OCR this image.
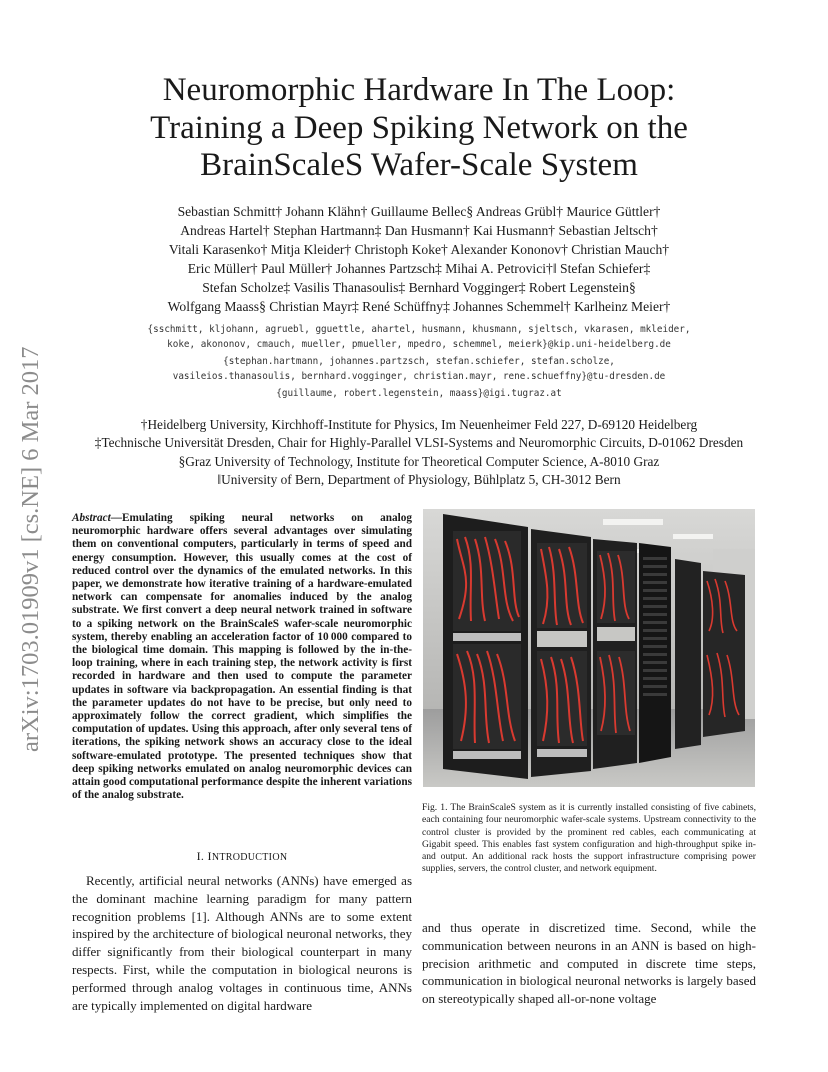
arXiv:1703.01909v1 [cs.NE] 6 Mar 2017
Neuromorphic Hardware In The Loop:
Training a Deep Spiking Network on the
BrainScaleS Wafer-Scale System
Sebastian Schmitt† Johann Klähn† Guillaume Bellec§ Andreas Grübl† Maurice Güttler†
Andreas Hartel† Stephan Hartmann‡ Dan Husmann† Kai Husmann† Sebastian Jeltsch†
Vitali Karasenko† Mitja Kleider† Christoph Koke† Alexander Kononov† Christian Mauch†
Eric Müller† Paul Müller† Johannes Partzsch‡ Mihai A. Petrovici†‖ Stefan Schiefer‡
Stefan Scholze‡ Vasilis Thanasoulis‡ Bernhard Vogginger‡ Robert Legenstein§
Wolfgang Maass§ Christian Mayr‡ René Schüffny‡ Johannes Schemmel† Karlheinz Meier†
{sschmitt, kljohann, agruebl, gguettle, ahartel, husmann, khusmann, sjeltsch, vkarasen, mkleider,
koke, akononov, cmauch, mueller, pmueller, mpedro, schemmel, meierk}@kip.uni-heidelberg.de
{stephan.hartmann, johannes.partzsch, stefan.schiefer, stefan.scholze,
vasileios.thanasoulis, bernhard.vogginger, christian.mayr, rene.schueffny}@tu-dresden.de
{guillaume, robert.legenstein, maass}@igi.tugraz.at
†Heidelberg University, Kirchhoff-Institute for Physics, Im Neuenheimer Feld 227, D-69120 Heidelberg
‡Technische Universität Dresden, Chair for Highly-Parallel VLSI-Systems and Neuromorphic Circuits, D-01062 Dresden
§Graz University of Technology, Institute for Theoretical Computer Science, A-8010 Graz
‖University of Bern, Department of Physiology, Bühlplatz 5, CH-3012 Bern
Abstract—Emulating spiking neural networks on analog neuromorphic hardware offers several advantages over simulating them on conventional computers, particularly in terms of speed and energy consumption. However, this usually comes at the cost of reduced control over the dynamics of the emulated networks. In this paper, we demonstrate how iterative training of a hardware-emulated network can compensate for anomalies induced by the analog substrate. We first convert a deep neural network trained in software to a spiking network on the BrainScaleS wafer-scale neuromorphic system, thereby enabling an acceleration factor of 10 000 compared to the biological time domain. This mapping is followed by the in-the-loop training, where in each training step, the network activity is first recorded in hardware and then used to compute the parameter updates in software via backpropagation. An essential finding is that the parameter updates do not have to be precise, but only need to approximately follow the correct gradient, which simplifies the computation of updates. Using this approach, after only several tens of iterations, the spiking network shows an accuracy close to the ideal software-emulated prototype. The presented techniques show that deep spiking networks emulated on analog neuromorphic devices can attain good computational performance despite the inherent variations of the analog substrate.
I. INTRODUCTION
Recently, artificial neural networks (ANNs) have emerged as the dominant machine learning paradigm for many pattern recognition problems [1]. Although ANNs are to some extent inspired by the architecture of biological neuronal networks, they differ significantly from their biological counterpart in many respects. First, while the computation in biological neurons is performed through analog voltages in continuous time, ANNs are typically implemented on digital hardware
Fig. 1. The BrainScaleS system as it is currently installed consisting of five cabinets, each containing four neuromorphic wafer-scale systems. Upstream connectivity to the control cluster is provided by the prominent red cables, each communicating at Gigabit speed. This enables fast system configuration and high-throughput spike in- and output. An additional rack hosts the support infrastructure comprising power supplies, servers, the control cluster, and network equipment.
and thus operate in discretized time. Second, while the communication between neurons in an ANN is based on high-precision arithmetic and computed in discrete time steps, communication in biological neuronal networks is largely based on stereotypically shaped all-or-none voltage
